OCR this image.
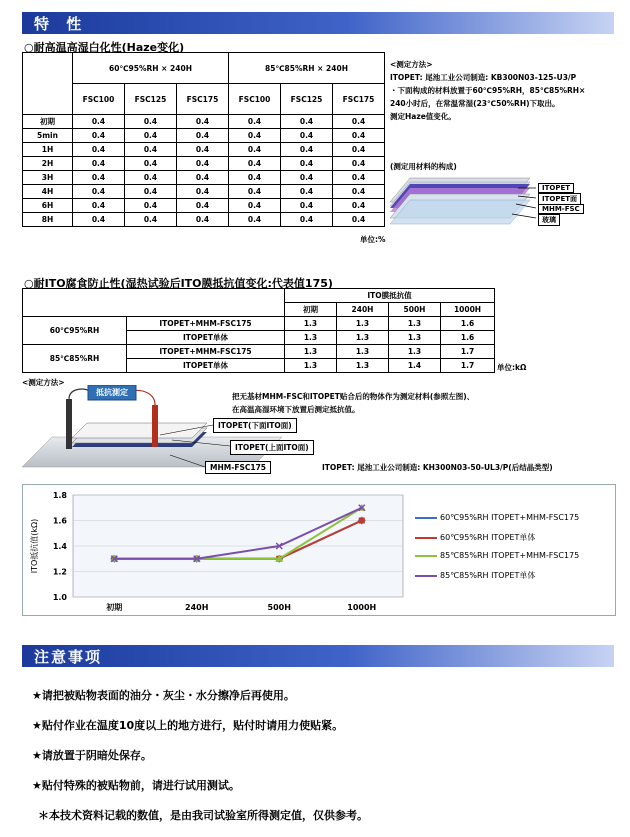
特 性
○耐高温高湿白化性(Haze变化)
	60℃95%RH × 240H			85℃85%RH × 240H		
	FSC100	FSC125	FSC175	FSC100	FSC125	FSC175
初期	0.4	0.4	0.4	0.4	0.4	0.4
5min	0.4	0.4	0.4	0.4	0.4	0.4
1H	0.4	0.4	0.4	0.4	0.4	0.4
2H	0.4	0.4	0.4	0.4	0.4	0.4
3H	0.4	0.4	0.4	0.4	0.4	0.4
4H	0.4	0.4	0.4	0.4	0.4	0.4
6H	0.4	0.4	0.4	0.4	0.4	0.4
8H	0.4	0.4	0.4	0.4	0.4	0.4
单位:%
<测定方法>
ITOPET: 尾池工业公司制造: KB300N03-125-U3/P
・下面构成的材料放置于60℃95%RH，85℃85%RH×
240小时后，在常温常湿(23℃50%RH)下取出。
测定Haze值变化。
(测定用材料的构成)
ITOPET
ITOPET面
MHM-FSC
玻璃
○耐ITO腐食防止性(湿热试验后ITO膜抵抗值变化:代表值175)
		ITO膜抵抗值			
		初期	240H	500H	1000H
60℃95%RH	ITOPET+MHM-FSC175	1.3	1.3	1.3	1.6
	ITOPET单体	1.3	1.3	1.3	1.6
85℃85%RH	ITOPET+MHM-FSC175	1.3	1.3	1.3	1.7
	ITOPET单体	1.3	1.3	1.4	1.7	单位:kΩ
<测定方法>
抵抗測定	把无基材MHM-FSC和ITOPET贴合后的物体作为测定材料(参照左图)、
在高温高湿环境下放置后测定抵抗值。
ITOPET(下面ITO面)
ITOPET(上面ITO面)
MHM-FSC175	ITOPET: 尾池工业公司制造: KH300N03-50-UL3/P(后结晶类型)
1.8
1.6
1.4
1.2
1.0
初期	240H	500H	1000H
ITO抵抗值(kΩ)
60℃95%RH ITOPET+MHM-FSC175
60℃95%RH ITOPET单体
85℃85%RH ITOPET+MHM-FSC175
85℃85%RH ITOPET单体
注意事项
★请把被贴物表面的油分・灰尘・水分擦净后再使用。
★贴付作业在温度10度以上的地方进行，贴付时请用力使贴紧。
★请放置于阴暗处保存。
★贴付特殊的被贴物前，请进行试用测试。
＊本技术资料记载的数值，是由我司试验室所得测定值，仅供参考。
